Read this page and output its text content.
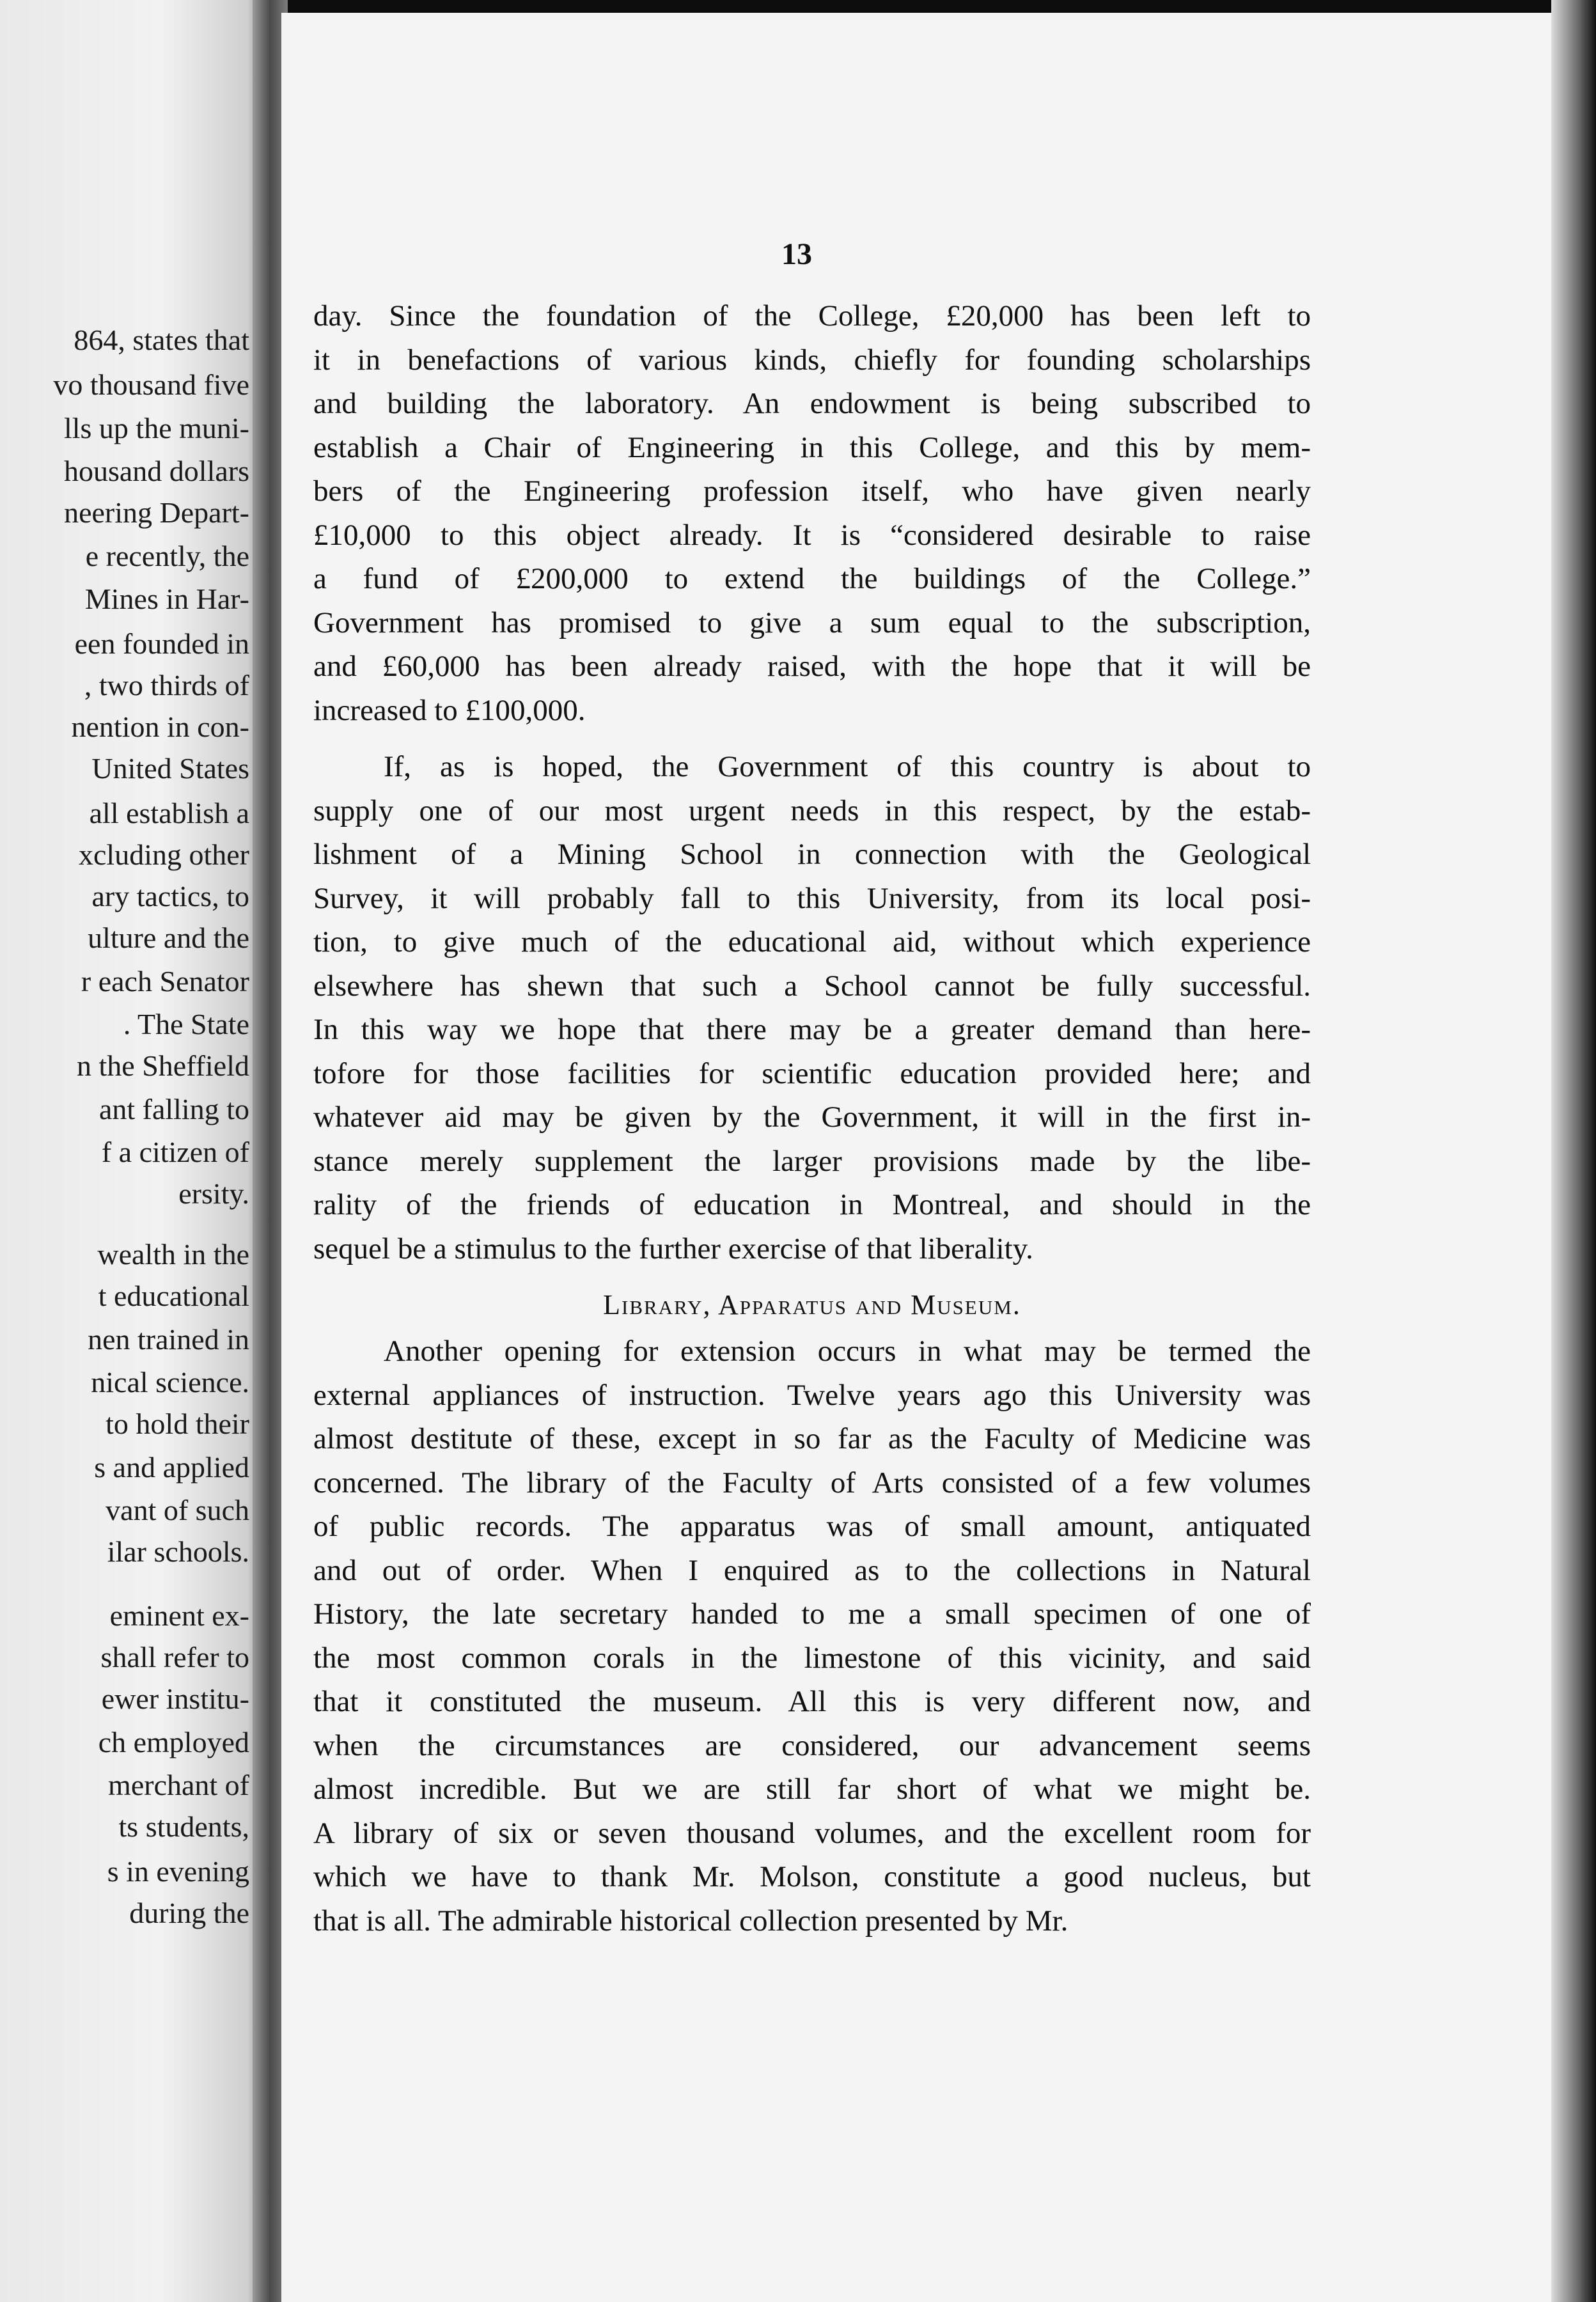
864, states that
vo thousand five
lls up the muni-
housand dollars
neering Depart-
e recently, the
Mines in Har-
een founded in
, two thirds of
nention in con-
United States
all establish a
xcluding other
ary tactics, to
ulture and the
r each Senator
. The State
n the Sheffield
ant falling to
f a citizen of
ersity.
wealth in the
t educational
nen trained in
nical science.
to hold their
s and applied
vant of such
ilar schools.
eminent ex-
shall refer to
ewer institu-
ch employed
merchant of
ts students,
s in evening
during the
13
day. Since the foundation of the College, £20,000 has been left to
it in benefactions of various kinds, chiefly for founding scholarships
and building the laboratory. An endowment is being subscribed to
establish a Chair of Engineering in this College, and this by mem-
bers of the Engineering profession itself, who have given nearly
£10,000 to this object already. It is “considered desirable to raise
a fund of £200,000 to extend the buildings of the College.”
Government has promised to give a sum equal to the subscription,
and £60,000 has been already raised, with the hope that it will be
increased to £100,000.
If, as is hoped, the Government of this country is about to
supply one of our most urgent needs in this respect, by the estab-
lishment of a Mining School in connection with the Geological
Survey, it will probably fall to this University, from its local posi-
tion, to give much of the educational aid, without which experience
elsewhere has shewn that such a School cannot be fully successful.
In this way we hope that there may be a greater demand than here-
tofore for those facilities for scientific education provided here; and
whatever aid may be given by the Government, it will in the first in-
stance merely supplement the larger provisions made by the libe-
rality of the friends of education in Montreal, and should in the
sequel be a stimulus to the further exercise of that liberality.
Library, Apparatus and Museum.
Another opening for extension occurs in what may be termed the
external appliances of instruction. Twelve years ago this University was
almost destitute of these, except in so far as the Faculty of Medicine was
concerned. The library of the Faculty of Arts consisted of a few volumes
of public records. The apparatus was of small amount, antiquated
and out of order. When I enquired as to the collections in Natural
History, the late secretary handed to me a small specimen of one of
the most common corals in the limestone of this vicinity, and said
that it constituted the museum. All this is very different now, and
when the circumstances are considered, our advancement seems
almost incredible. But we are still far short of what we might be.
A library of six or seven thousand volumes, and the excellent room for
which we have to thank Mr. Molson, constitute a good nucleus, but
that is all. The admirable historical collection presented by Mr.
